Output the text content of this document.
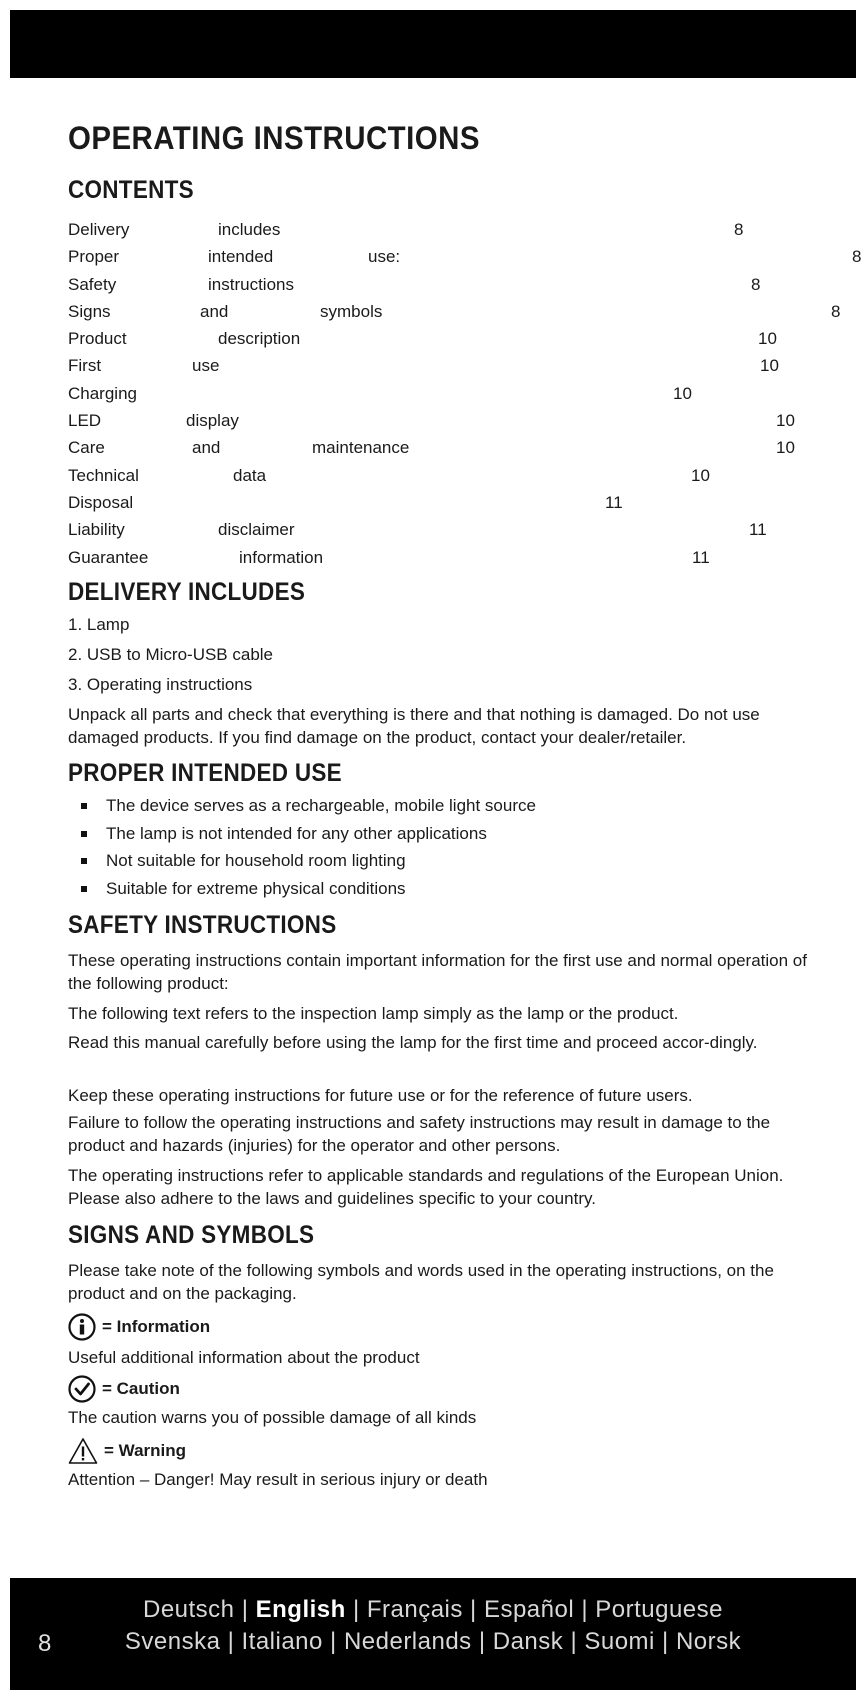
OPERATING INSTRUCTIONS
CONTENTS
Delivery	includes	8
Proper	intended	use:	8
Safety	instructions	8
Signs	and	symbols	8
Product	description	10
First	use	10
Charging	10
LED	display	10
Care	and	maintenance	10
Technical	data	10
Disposal	11
Liability	disclaimer	11
Guarantee	information	11
DELIVERY INCLUDES
1. Lamp
2. USB to Micro-USB cable
3. Operating instructions

Unpack all parts and check that everything is there and that nothing is damaged. Do not use damaged products. If you find damage on the product, contact your dealer/retailer.

PROPER INTENDED USE
The device serves as a rechargeable, mobile light source
The lamp is not intended for any other applications
Not suitable for household room lighting
Suitable for extreme physical conditions
SAFETY INSTRUCTIONS

These operating instructions contain important information for the first use and normal operation of the following product:

The following text refers to the inspection lamp simply as the lamp or the product.

Read this manual carefully before using the lamp for the first time and proceed accor-dingly.

Keep these operating instructions for future use or for the reference of future users.

Failure to follow the operating instructions and safety instructions may result in damage to the product and hazards (injuries) for the operator and other persons.

The operating instructions refer to applicable standards and regulations of the European Union. Please also adhere to the laws and guidelines specific to your country.

SIGNS AND SYMBOLS

Please take note of the following symbols and words used in the operating instructions, on the product and on the packaging.

= Information

Useful additional information about the product

= Caution

The caution warns you of possible damage of all kinds

= Warning

Attention – Danger! May result in serious injury or death

Deutsch | English | Français | Español | Portuguese
Svenska | Italiano | Nederlands | Dansk | Suomi | Norsk
8
